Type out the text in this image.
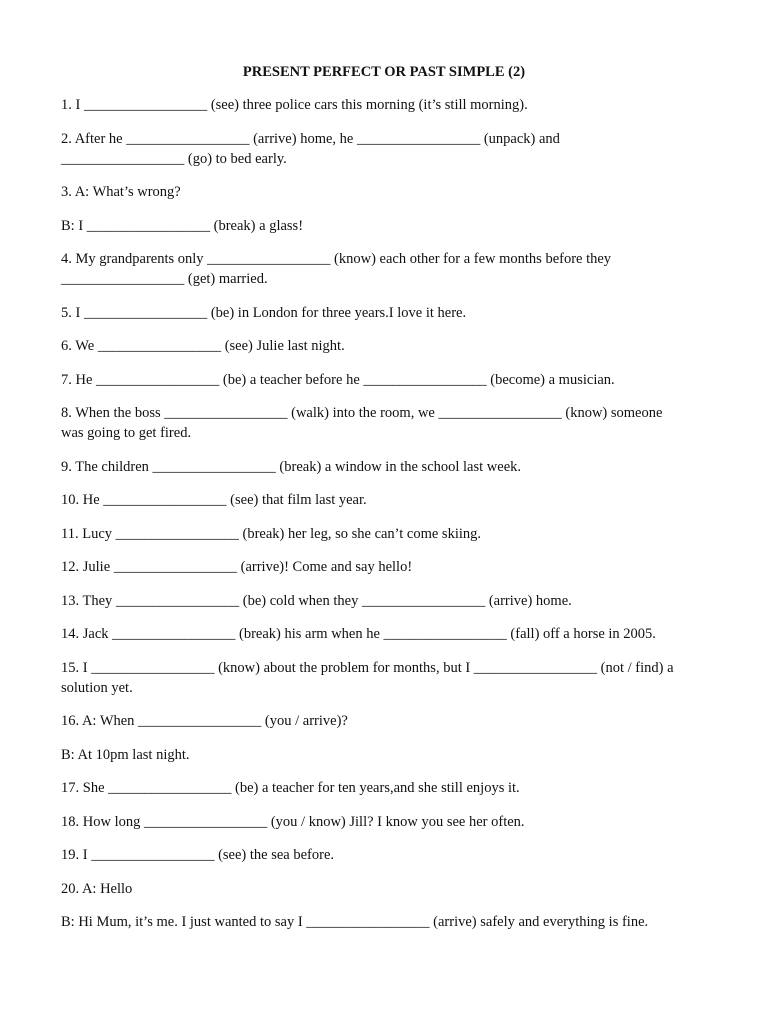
PRESENT PERFECT OR PAST SIMPLE (2)
1. I _________________ (see) three police cars this morning (it’s still morning).
2. After he _________________ (arrive) home, he _________________ (unpack) and
_________________ (go) to bed early.
3. A: What’s wrong?
B: I _________________ (break) a glass!
4. My grandparents only _________________ (know) each other for a few months before they
_________________ (get) married.
5. I _________________ (be) in London for three years.I love it here.
6. We _________________ (see) Julie last night.
7. He _________________ (be) a teacher before he _________________ (become) a musician.
8. When the boss _________________ (walk) into the room, we _________________ (know) someone
was going to get fired.
9. The children _________________ (break) a window in the school last week.
10. He _________________ (see) that film last year.
11. Lucy _________________ (break) her leg, so she can’t come skiing.
12. Julie _________________ (arrive)! Come and say hello!
13. They _________________ (be) cold when they _________________ (arrive) home.
14. Jack _________________ (break) his arm when he _________________ (fall) off a horse in 2005.
15. I _________________ (know) about the problem for months, but I _________________ (not / find) a
solution yet.
16. A: When _________________ (you / arrive)?
B: At 10pm last night.
17. She _________________ (be) a teacher for ten years,and she still enjoys it.
18. How long _________________ (you / know) Jill? I know you see her often.
19. I _________________ (see) the sea before.
20. A: Hello
B: Hi Mum, it’s me. I just wanted to say I _________________ (arrive) safely and everything is fine.
